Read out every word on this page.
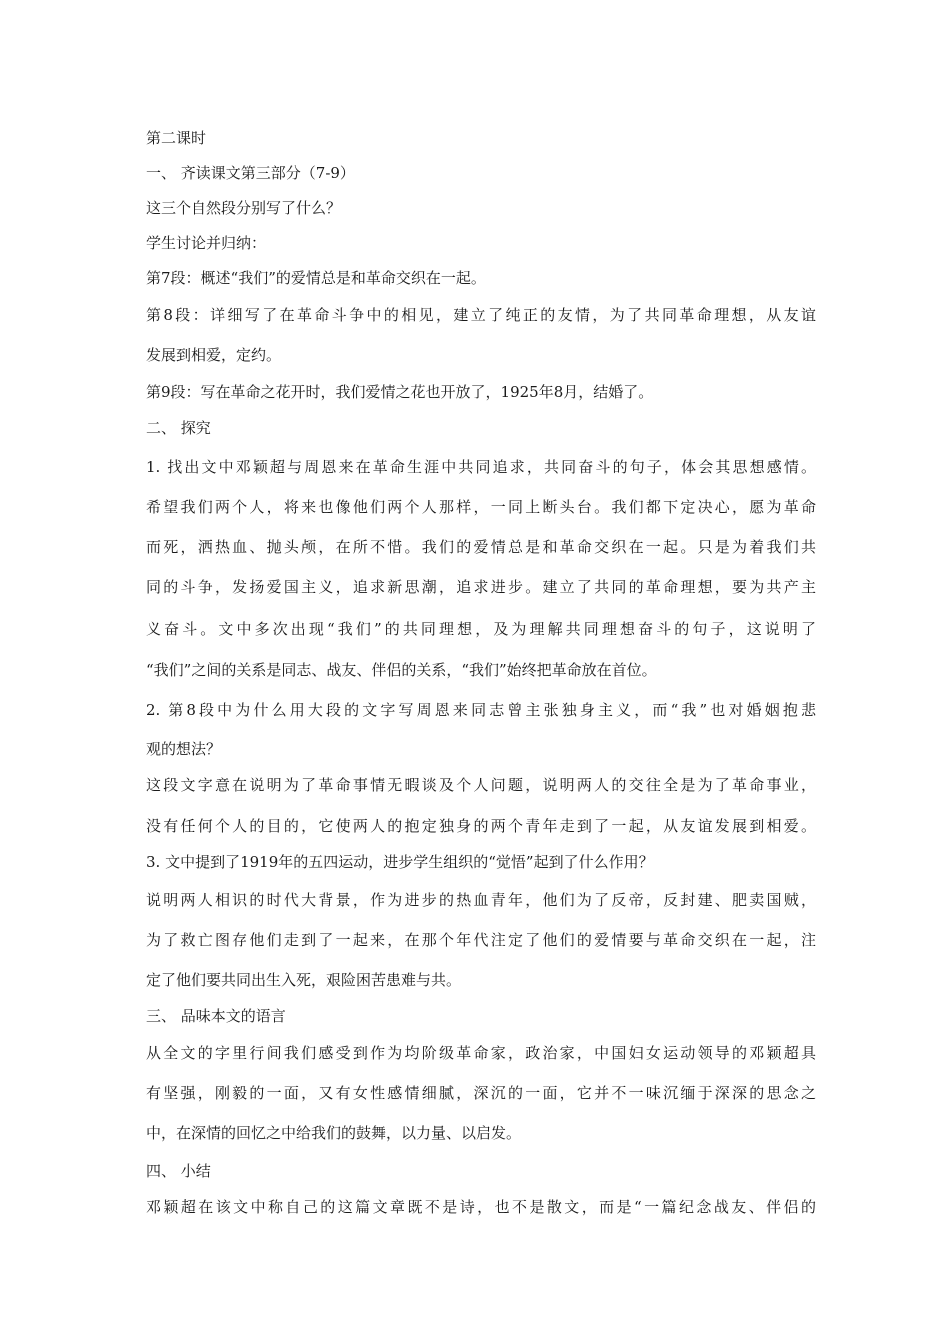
第二课时
一、 齐读课文第三部分（7-9）
这三个自然段分别写了什么？
学生讨论并归纳：
第7段：概述“我们”的爱情总是和革命交织在一起。
第8段：详细写了在革命斗争中的相见，建立了纯正的友情，为了共同革命理想，从友谊
发展到相爱，定约。
第9段：写在革命之花开时，我们爱情之花也开放了，1925年8月，结婚了。
二、 探究
1. 找出文中邓颖超与周恩来在革命生涯中共同追求，共同奋斗的句子，体会其思想感情。
希望我们两个人，将来也像他们两个人那样，一同上断头台。我们都下定决心，愿为革命
而死，洒热血、抛头颅，在所不惜。我们的爱情总是和革命交织在一起。只是为着我们共
同的斗争，发扬爱国主义，追求新思潮，追求进步。建立了共同的革命理想，要为共产主
义奋斗。文中多次出现“我们”的共同理想，及为理解共同理想奋斗的句子，这说明了
“我们”之间的关系是同志、战友、伴侣的关系，“我们”始终把革命放在首位。
2. 第8段中为什么用大段的文字写周恩来同志曾主张独身主义，而“我”也对婚姻抱悲
观的想法？
这段文字意在说明为了革命事情无暇谈及个人问题，说明两人的交往全是为了革命事业，
没有任何个人的目的，它使两人的抱定独身的两个青年走到了一起，从友谊发展到相爱。
3. 文中提到了1919年的五四运动，进步学生组织的“觉悟”起到了什么作用？
说明两人相识的时代大背景，作为进步的热血青年，他们为了反帝，反封建、肥卖国贼，
为了救亡图存他们走到了一起来，在那个年代注定了他们的爱情要与革命交织在一起，注
定了他们要共同出生入死，艰险困苦患难与共。
三、 品味本文的语言
从全文的字里行间我们感受到作为均阶级革命家，政治家，中国妇女运动领导的邓颖超具
有坚强，刚毅的一面，又有女性感情细腻，深沉的一面，它并不一味沉缅于深深的思念之
中，在深情的回忆之中给我们的鼓舞，以力量、以启发。
四、 小结
邓颖超在该文中称自己的这篇文章既不是诗，也不是散文，而是“一篇纪念战友、伴侣的
